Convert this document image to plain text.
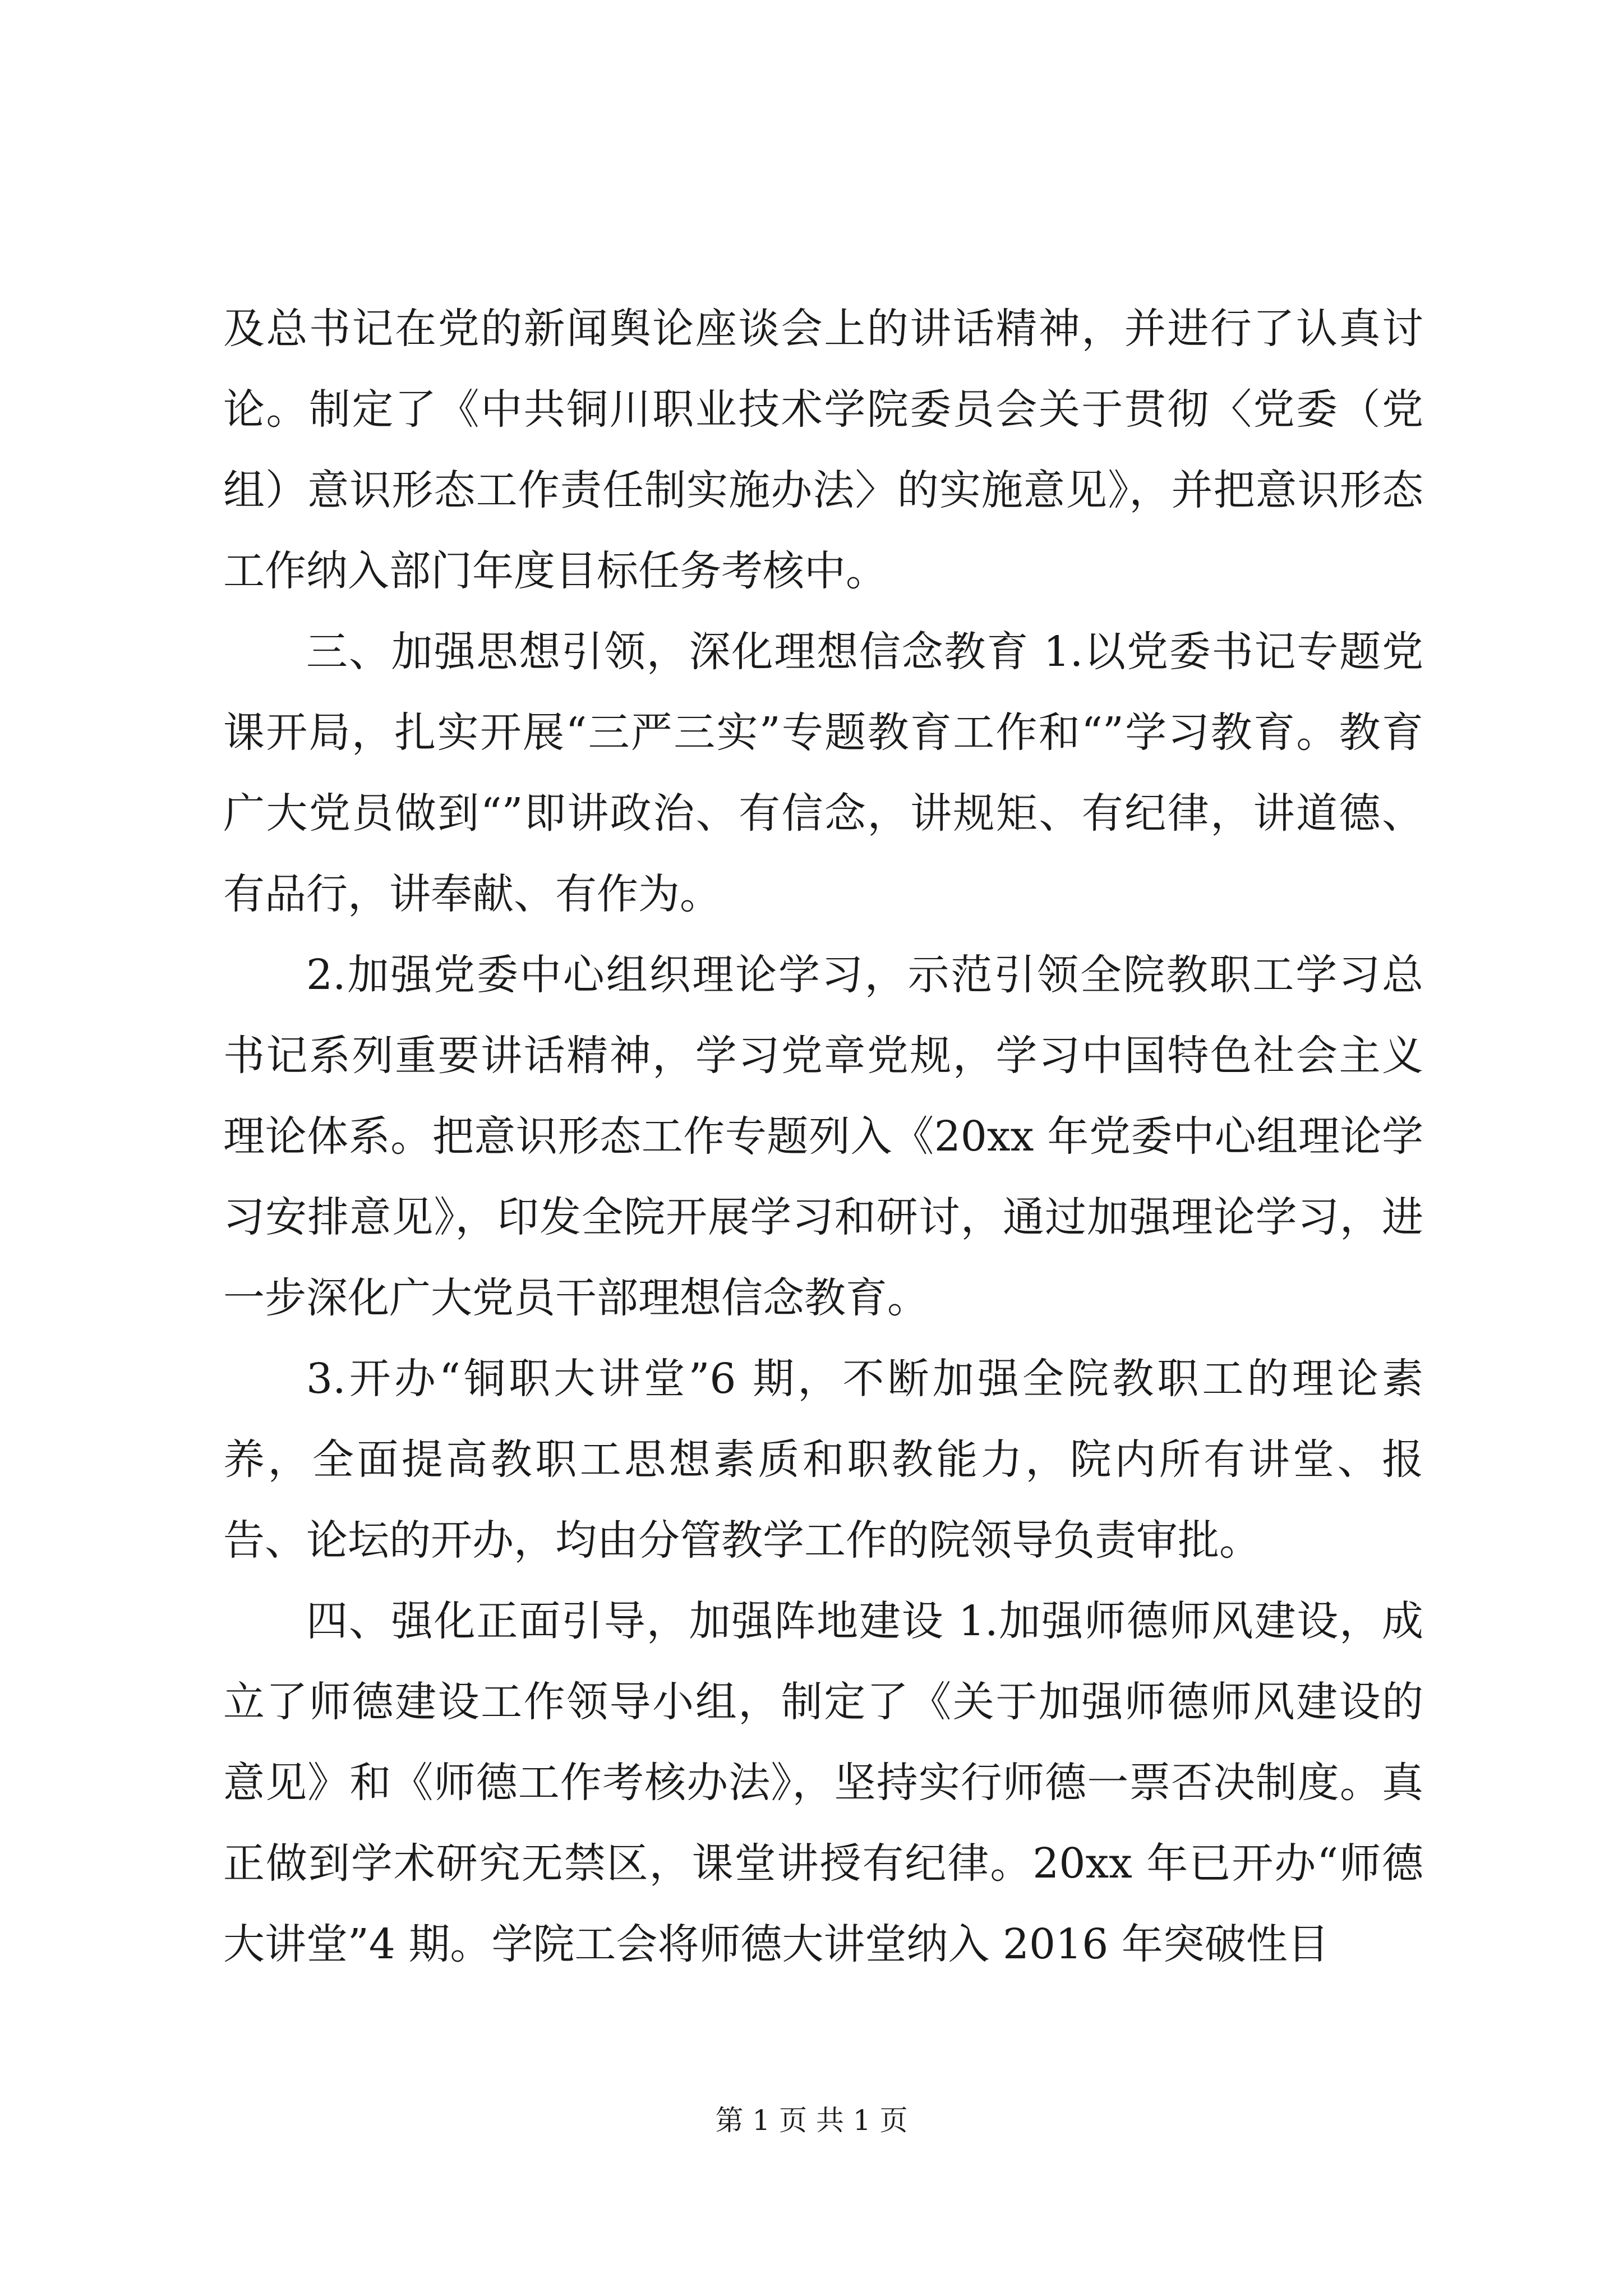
及总书记在党的新闻舆论座谈会上的讲话精神，并进行了认真讨论。制定了《中共铜川职业技术学院委员会关于贯彻〈党委（党组）意识形态工作责任制实施办法〉的实施意见》，并把意识形态工作纳入部门年度目标任务考核中。

三、加强思想引领，深化理想信念教育 1.以党委书记专题党课开局，扎实开展“三严三实”专题教育工作和“”学习教育。教育广大党员做到“”即讲政治、有信念，讲规矩、有纪律，讲道德、有品行，讲奉献、有作为。

2.加强党委中心组织理论学习，示范引领全院教职工学习总书记系列重要讲话精神，学习党章党规，学习中国特色社会主义理论体系。把意识形态工作专题列入《20xx 年党委中心组理论学习安排意见》，印发全院开展学习和研讨，通过加强理论学习，进一步深化广大党员干部理想信念教育。

3.开办“铜职大讲堂”6 期，不断加强全院教职工的理论素养，全面提高教职工思想素质和职教能力，院内所有讲堂、报告、论坛的开办，均由分管教学工作的院领导负责审批。

四、强化正面引导，加强阵地建设 1.加强师德师风建设，成立了师德建设工作领导小组，制定了《关于加强师德师风建设的意见》和《师德工作考核办法》，坚持实行师德一票否决制度。真正做到学术研究无禁区，课堂讲授有纪律。20xx 年已开办“师德大讲堂”4 期。学院工会将师德大讲堂纳入 2016 年突破性目

第 1 页 共 1 页
